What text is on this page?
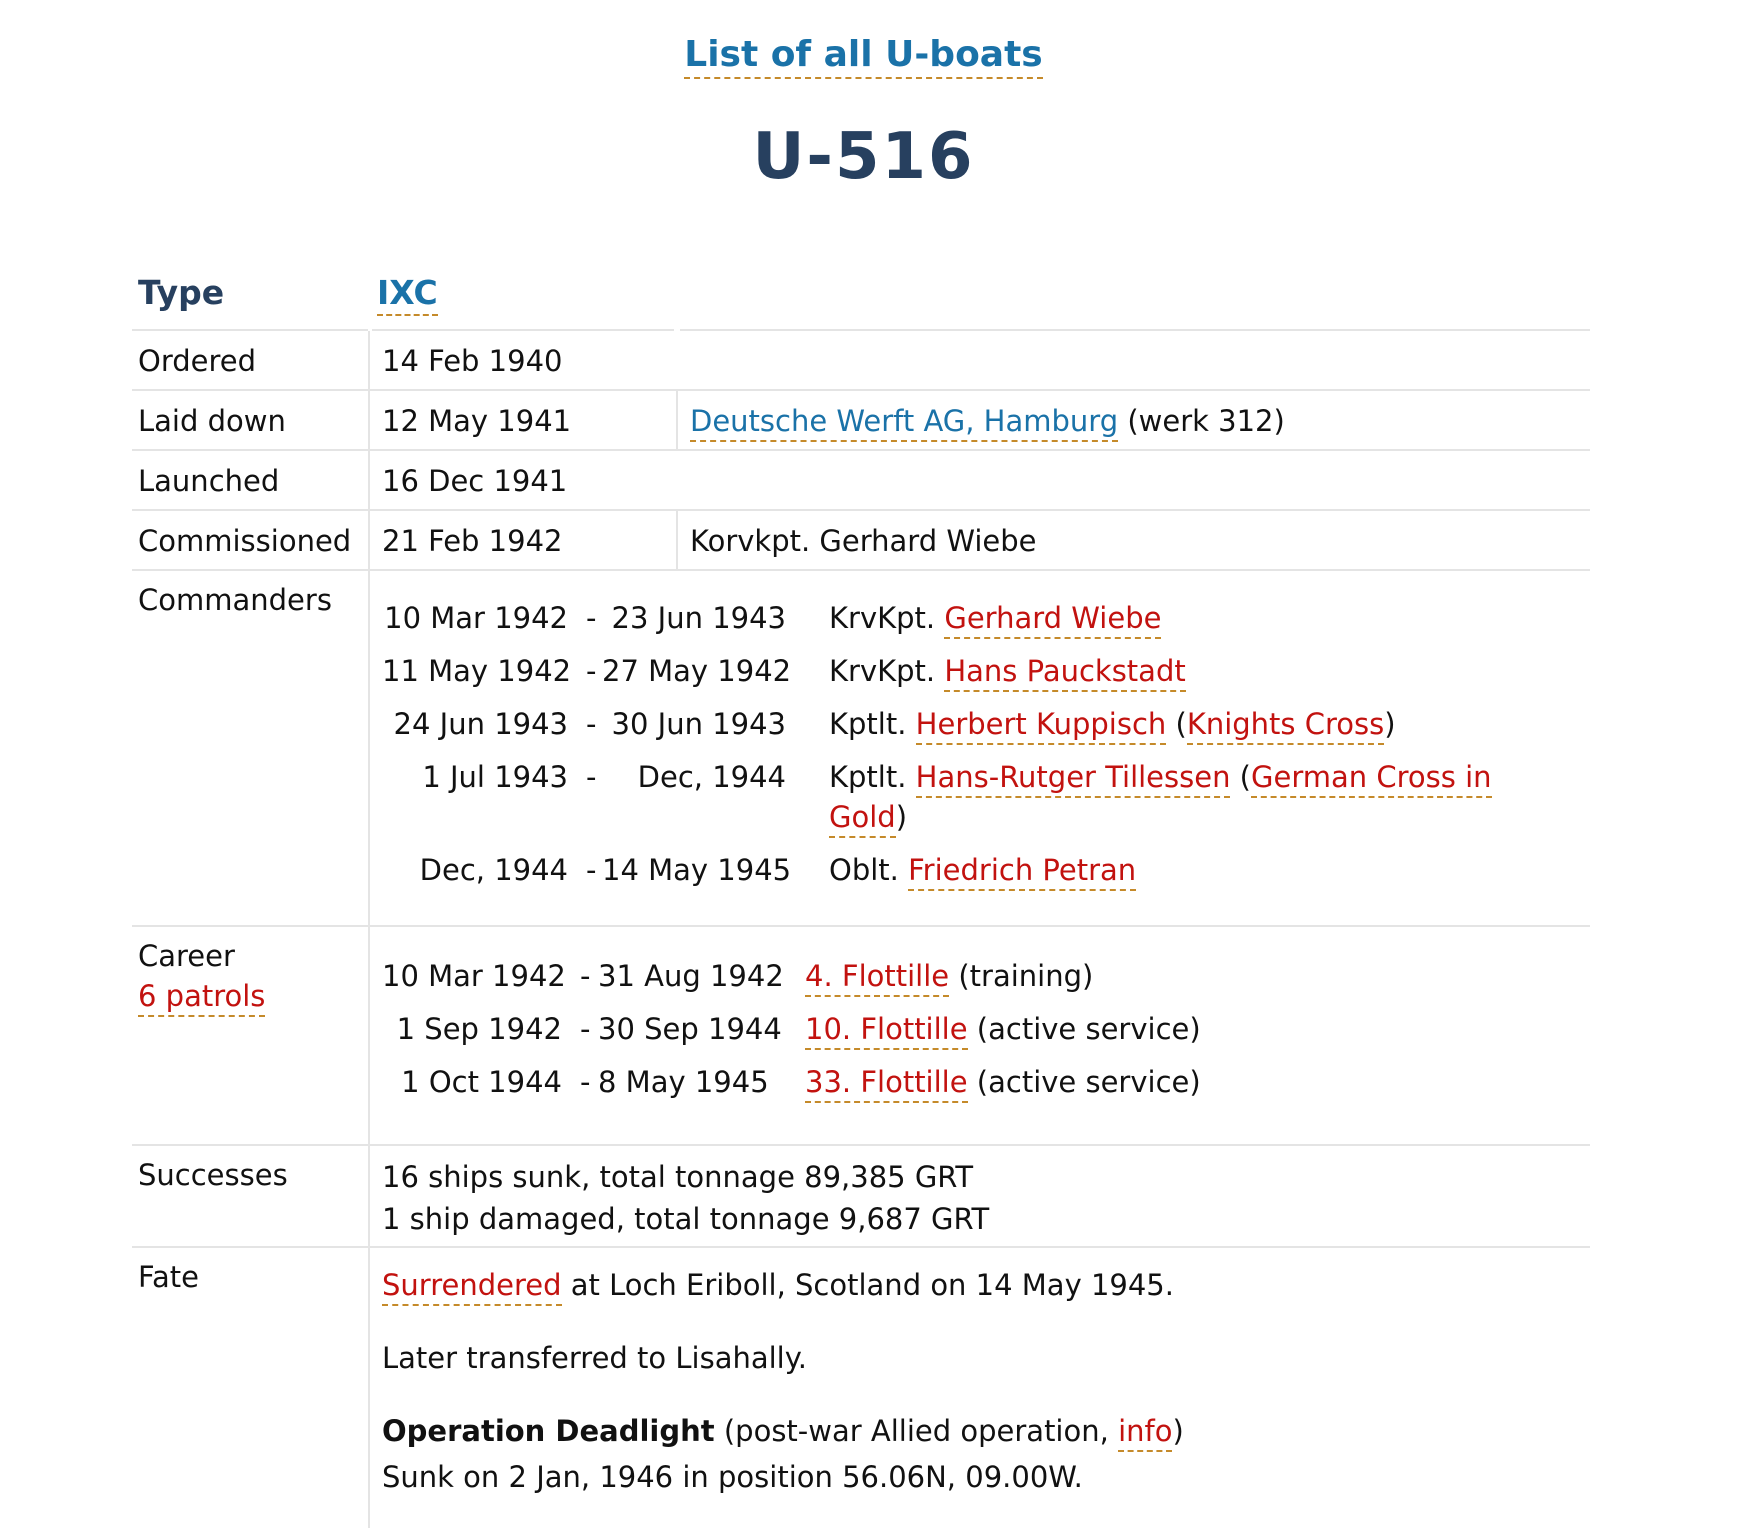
List of all U-boats
U-516
Type	IXC
Ordered	14 Feb 1940
Laid down	12 May 1941	Deutsche Werft AG, Hamburg (werk 312)
Launched	16 Dec 1941
Commissioned 21 Feb 1942	Korvkpt. Gerhard Wiebe
Commanders
10 Mar 1942 - 23 Jun 1943 KrvKpt. Gerhard Wiebe
11 May 1942 - 27 May 1942 KrvKpt. Hans Pauckstadt
24 Jun 1943 - 30 Jun 1943 Kptlt. Herbert Kuppisch (Knights Cross)
1 Jul 1943 -	Dec, 1944 Kptlt. Hans-Rutger Tillessen (German Cross in
Gold)
Dec, 1944 - 14 May 1945 Oblt. Friedrich Petran
Career
6 patrols
10 Mar 1942 - 31 Aug 1942 4. Flottille (training)
1 Sep 1942 - 30 Sep 1944 10. Flottille (active service)
1 Oct 1944 - 8 May 1945 33. Flottille (active service)
Successes	16 ships sunk, total tonnage 89,385 GRT
1 ship damaged, total tonnage 9,687 GRT
Fate	Surrendered at Loch Eriboll, Scotland on 14 May 1945.

Later transferred to Lisahally.

Operation Deadlight (post-war Allied operation, info)

Sunk on 2 Jan, 1946 in position 56.06N, 09.00W.
